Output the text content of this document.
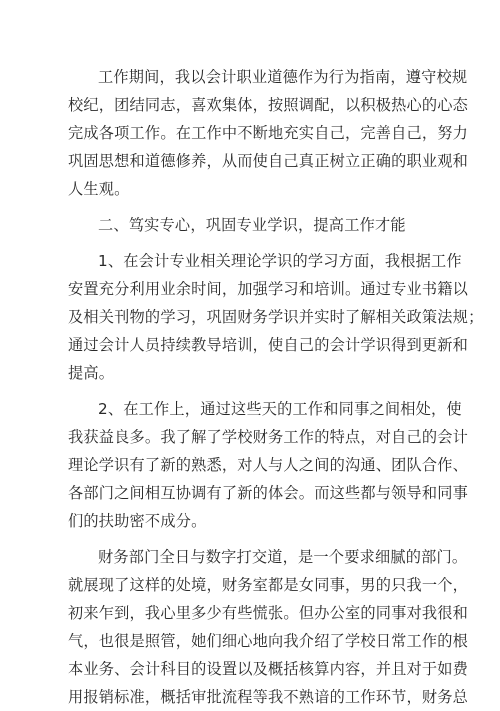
工作期间，我以会计职业道德作为行为指南，遵守校规
校纪，团结同志，喜欢集体，按照调配，以积极热心的心态
完成各项工作。在工作中不断地充实自己，完善自己，努力
巩固思想和道德修养，从而使自己真正树立正确的职业观和
人生观。
二、笃实专心，巩固专业学识，提高工作才能
1、在会计专业相关理论学识的学习方面，我根据工作
安置充分利用业余时间，加强学习和培训。通过专业书籍以
及相关刊物的学习，巩固财务学识并实时了解相关政策法规；
通过会计人员持续教导培训，使自己的会计学识得到更新和
提高。
2、在工作上，通过这些天的工作和同事之间相处，使
我获益良多。我了解了学校财务工作的特点，对自己的会计
理论学识有了新的熟悉，对人与人之间的沟通、团队合作、
各部门之间相互协调有了新的体会。而这些都与领导和同事
们的扶助密不成分。
财务部门全日与数字打交道，是一个要求细腻的部门。
就展现了这样的处境，财务室都是女同事，男的只我一个，
初来乍到，我心里多少有些慌张。但办公室的同事对我很和
气，也很是照管，她们细心地向我介绍了学校日常工作的根
本业务、会计科目的设置以及概括核算内容，并且对于如费
用报销标准，概括审批流程等我不熟谙的工作环节，财务总
